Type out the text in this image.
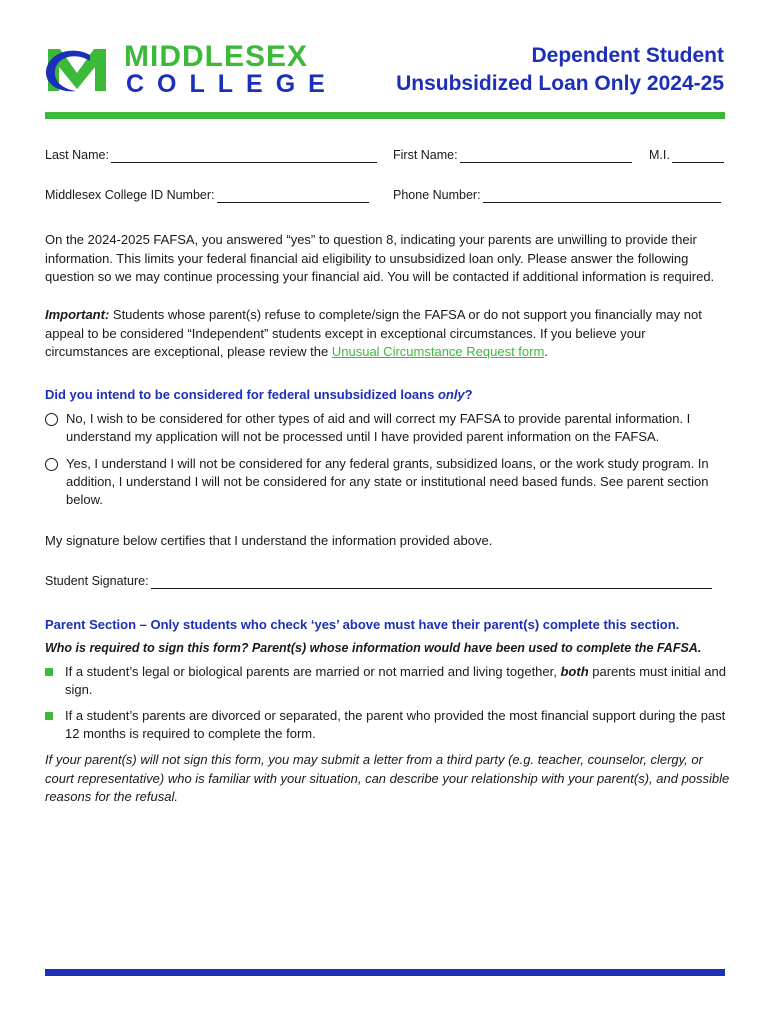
MIDDLESEX
COLLEGE
Dependent Student
Unsubsidized Loan Only 2024-25
Last Name:	First Name:	M.I.
Middlesex College ID Number:	Phone Number:
On the 2024-2025 FAFSA, you answered “yes” to question 8, indicating your parents are unwilling to provide their information. This limits your federal financial aid eligibility to unsubsidized loan only. Please answer the following question so we may continue processing your financial aid. You will be contacted if additional information is required.
Important: Students whose parent(s) refuse to complete/sign the FAFSA or do not support you financially may not appeal to be considered “Independent” students except in exceptional circumstances. If you believe your circumstances are exceptional, please review the Unusual Circumstance Request form.
Did you intend to be considered for federal unsubsidized loans only?
No, I wish to be considered for other types of aid and will correct my FAFSA to provide parental information. I understand my application will not be processed until I have provided parent information on the FAFSA.
Yes, I understand I will not be considered for any federal grants, subsidized loans, or the work study program. In addition, I understand I will not be considered for any state or institutional need based funds. See parent section below.
My signature below certifies that I understand the information provided above.
Student Signature:
Parent Section – Only students who check ‘yes’ above must have their parent(s) complete this section.
Who is required to sign this form? Parent(s) whose information would have been used to complete the FAFSA.
If a student’s legal or biological parents are married or not married and living together, both parents must initial and sign.
If a student’s parents are divorced or separated, the parent who provided the most financial support during the past 12 months is required to complete the form.
If your parent(s) will not sign this form, you may submit a letter from a third party (e.g. teacher, counselor, clergy, or court representative) who is familiar with your situation, can describe your relationship with your parent(s), and possible reasons for the refusal.
